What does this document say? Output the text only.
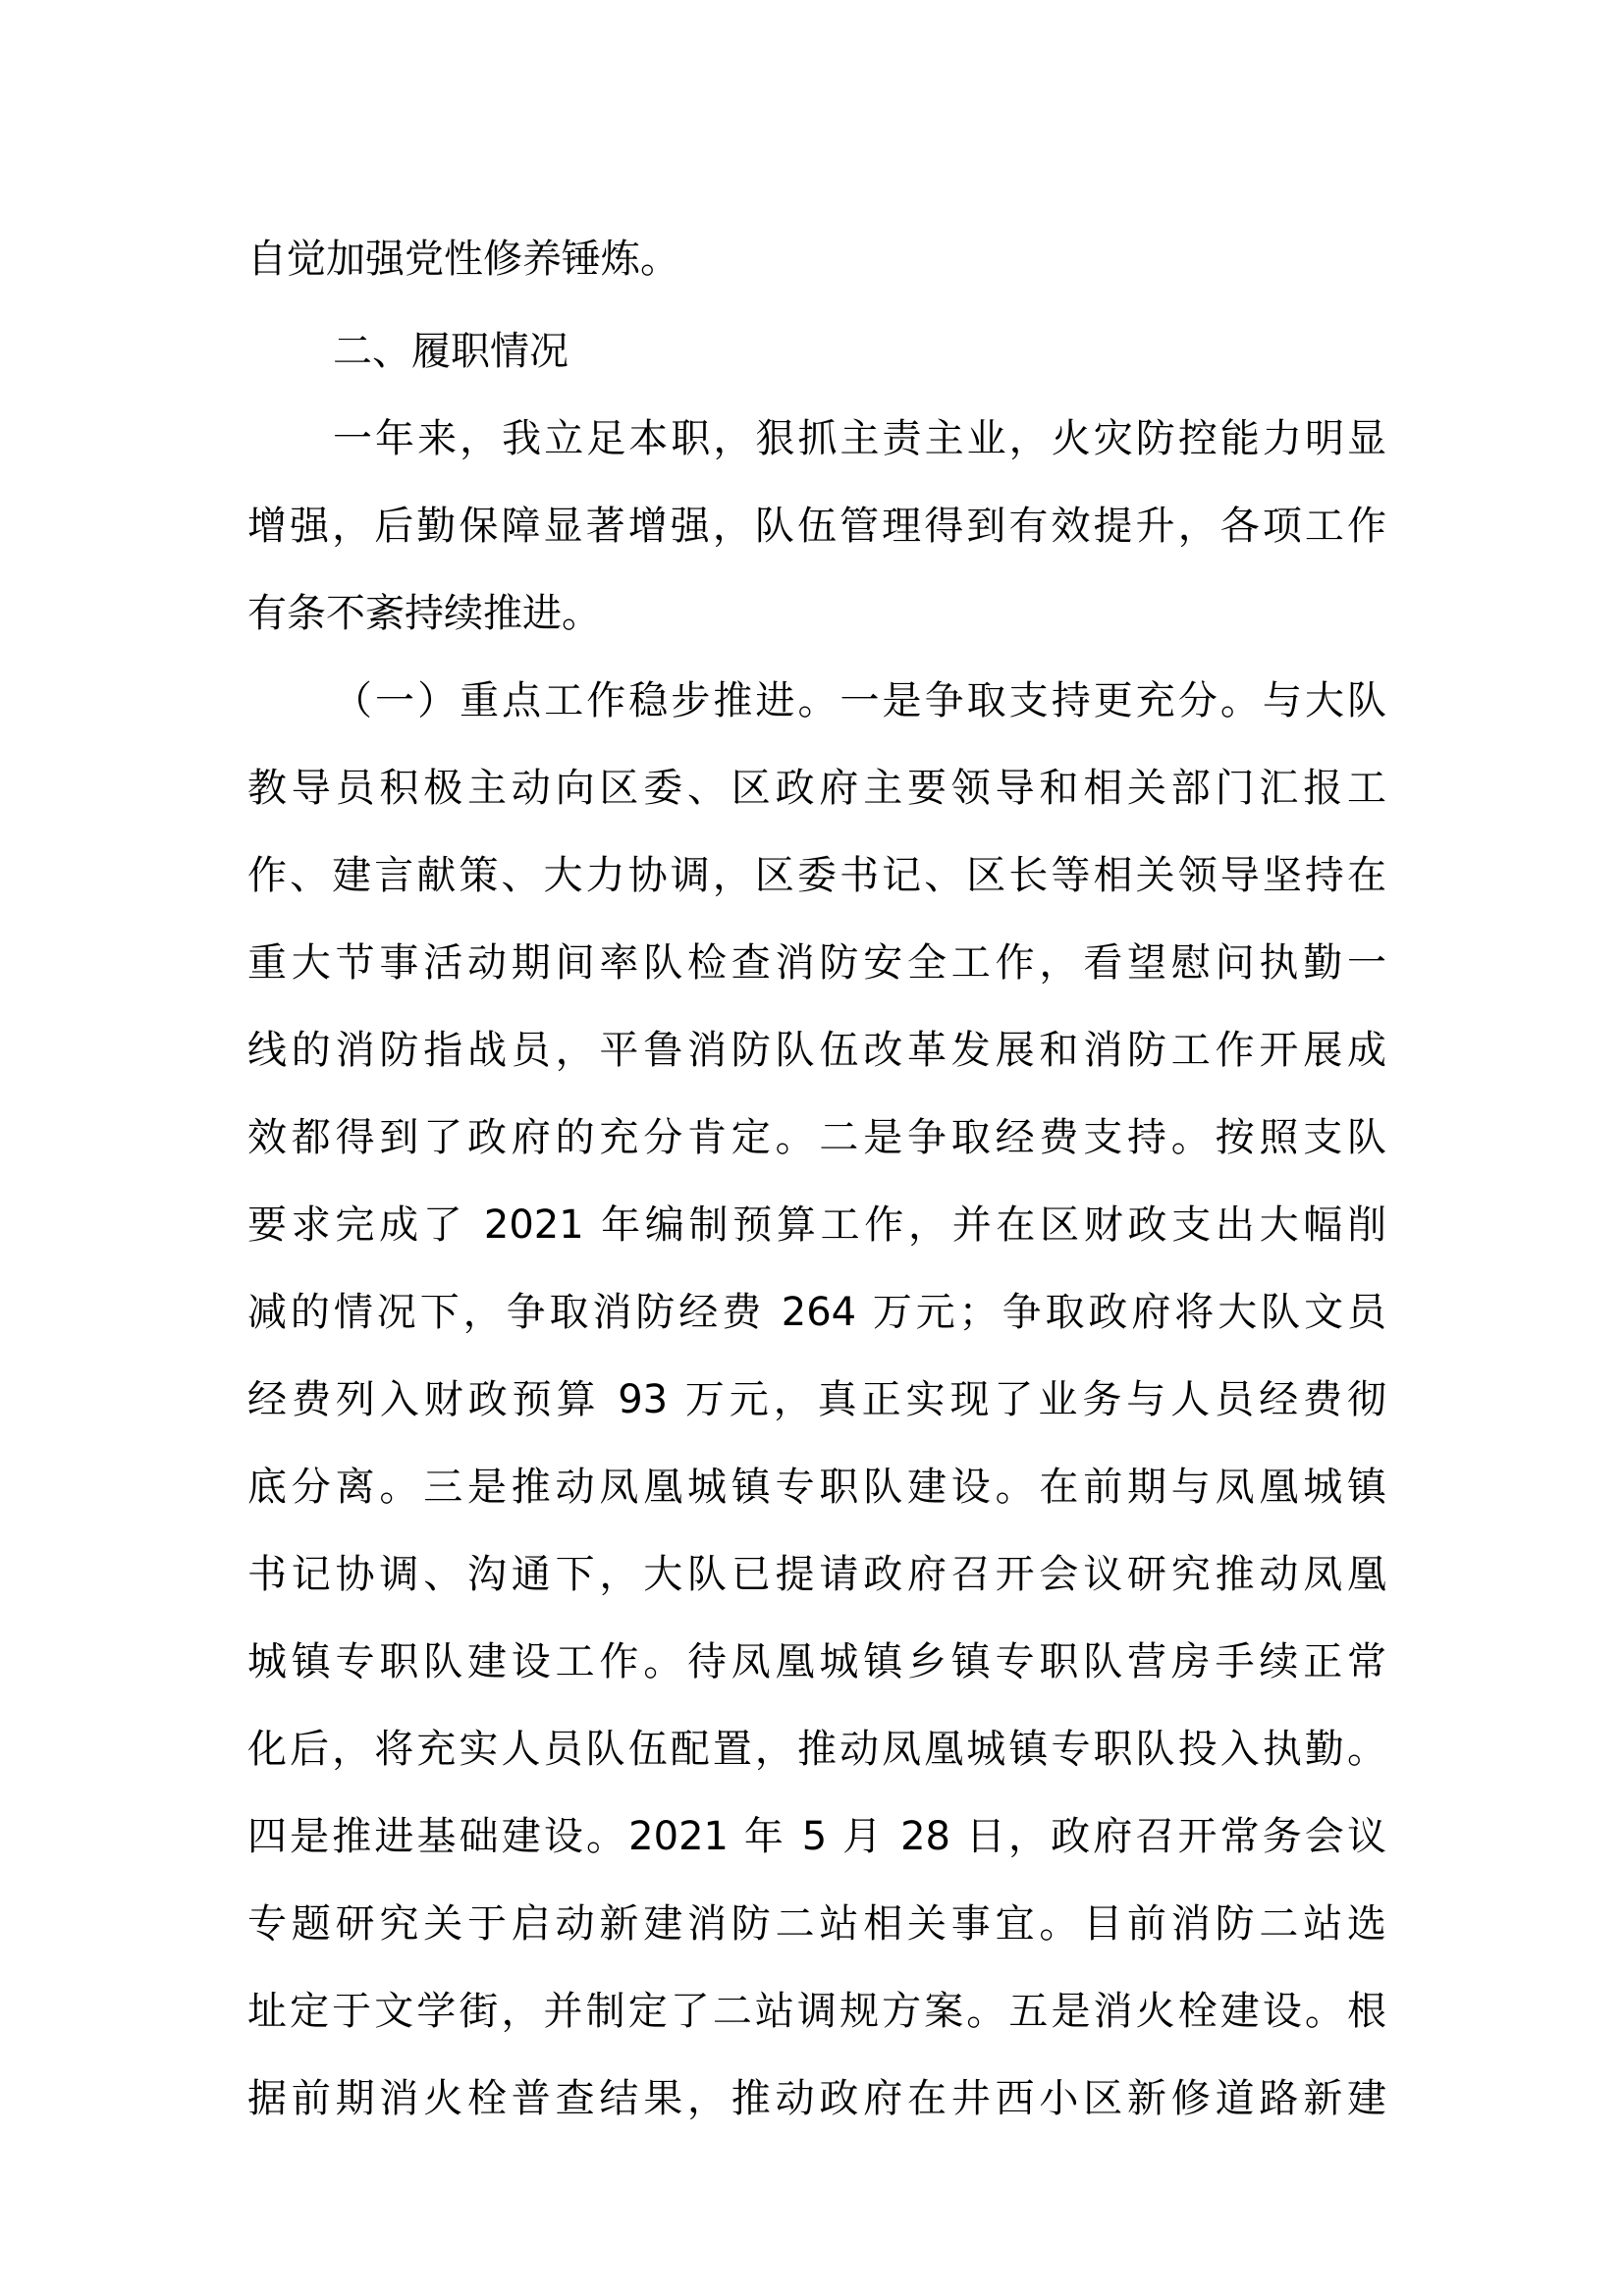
自觉加强党性修养锤炼。
二、履职情况
一年来，我立足本职，狠抓主责主业，火灾防控能力明显
增强，后勤保障显著增强，队伍管理得到有效提升，各项工作
有条不紊持续推进。
（一）重点工作稳步推进。一是争取支持更充分。与大队
教导员积极主动向区委、区政府主要领导和相关部门汇报工
作、建言献策、大力协调，区委书记、区长等相关领导坚持在
重大节事活动期间率队检查消防安全工作，看望慰问执勤一
线的消防指战员，平鲁消防队伍改革发展和消防工作开展成
效都得到了政府的充分肯定。二是争取经费支持。按照支队
要求完成了 2021 年编制预算工作，并在区财政支出大幅削
减的情况下，争取消防经费 264 万元；争取政府将大队文员
经费列入财政预算 93 万元，真正实现了业务与人员经费彻
底分离。三是推动凤凰城镇专职队建设。在前期与凤凰城镇
书记协调、沟通下，大队已提请政府召开会议研究推动凤凰
城镇专职队建设工作。待凤凰城镇乡镇专职队营房手续正常
化后，将充实人员队伍配置，推动凤凰城镇专职队投入执勤。
四是推进基础建设。2021 年 5 月 28 日，政府召开常务会议
专题研究关于启动新建消防二站相关事宜。目前消防二站选
址定于文学街，并制定了二站调规方案。五是消火栓建设。根
据前期消火栓普查结果，推动政府在井西小区新修道路新建
